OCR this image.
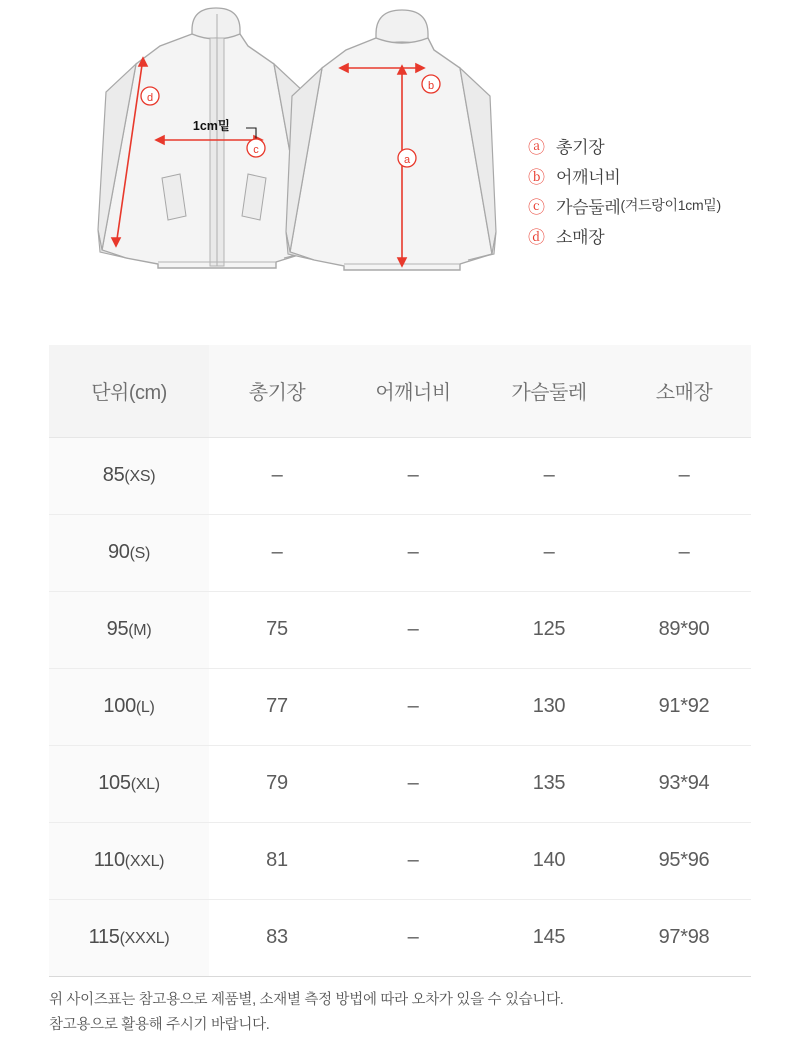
d
c
b
a
1cm밑
ⓐ 총기장
ⓑ 어깨너비
ⓒ 가슴둘레 (겨드랑이1cm밑)
ⓓ 소매장
단위(cm)	총기장	어깨너비	가슴둘레	소매장
85(XS)	–	–	–	–
90(S)	–	–	–	–
95(M)	75	–	125	89*90
100(L)	77	–	130	91*92
105(XL)	79	–	135	93*94
110(XXL)	81	–	140	95*96
115(XXXL)	83	–	145	97*98
위 사이즈표는 참고용으로 제품별, 소재별 측정 방법에 따라 오차가 있을 수 있습니다.
참고용으로 활용해 주시기 바랍니다.
